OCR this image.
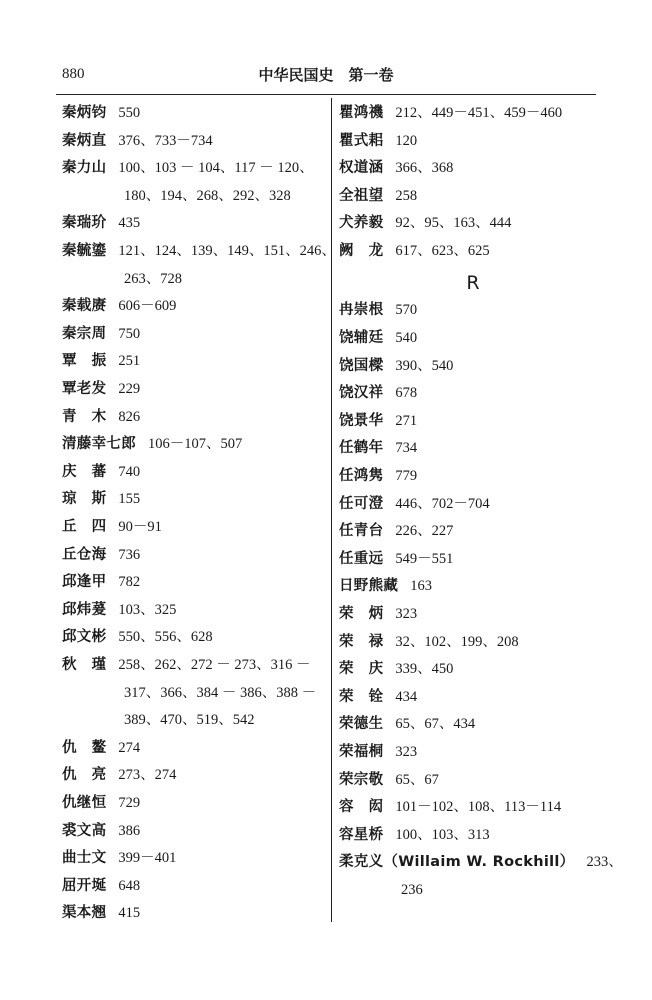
880	中华民国史　第一卷
秦炳钧 550
秦炳直 376、733－734
秦力山 100、103 － 104、117 － 120、
180、194、268、292、328
秦瑞玠 435
秦毓鎏 121、124、139、149、151、246、
263、728
秦载赓 606－609
秦宗周 750
覃　振 251
覃老发 229
青　木 826
清藤幸七郎 106－107、507
庆　蕃 740
琼　斯 155
丘　四 90－91
丘仓海 736
邱逢甲 782
邱炜萲 103、325
邱文彬 550、556、628
秋　瑾 258、262、272 － 273、316 －
317、366、384 － 386、388 －
389、470、519、542
仇　鳌 274
仇　亮 273、274
仇继恒 729
裘文高 386
曲士文 399－401
屈开埏 648
渠本翘 415
瞿鸿禨 212、449－451、459－460
瞿式耜 120
权道涵 366、368
全祖望 258
犬养毅 92、95、163、444
阙　龙 617、623、625
R
冉崇根 570
饶辅廷 540
饶国樑 390、540
饶汉祥 678
饶景华 271
任鹤年 734
任鸿隽 779
任可澄 446、702－704
任青台 226、227
任重远 549－551
日野熊藏 163
荣　炳 323
荣　禄 32、102、199、208
荣　庆 339、450
荣　铨 434
荣德生 65、67、434
荣福桐 323
荣宗敬 65、67
容　闳 101－102、108、113－114
容星桥 100、103、313
柔克义（Willaim W. Rockhill） 233、
236
